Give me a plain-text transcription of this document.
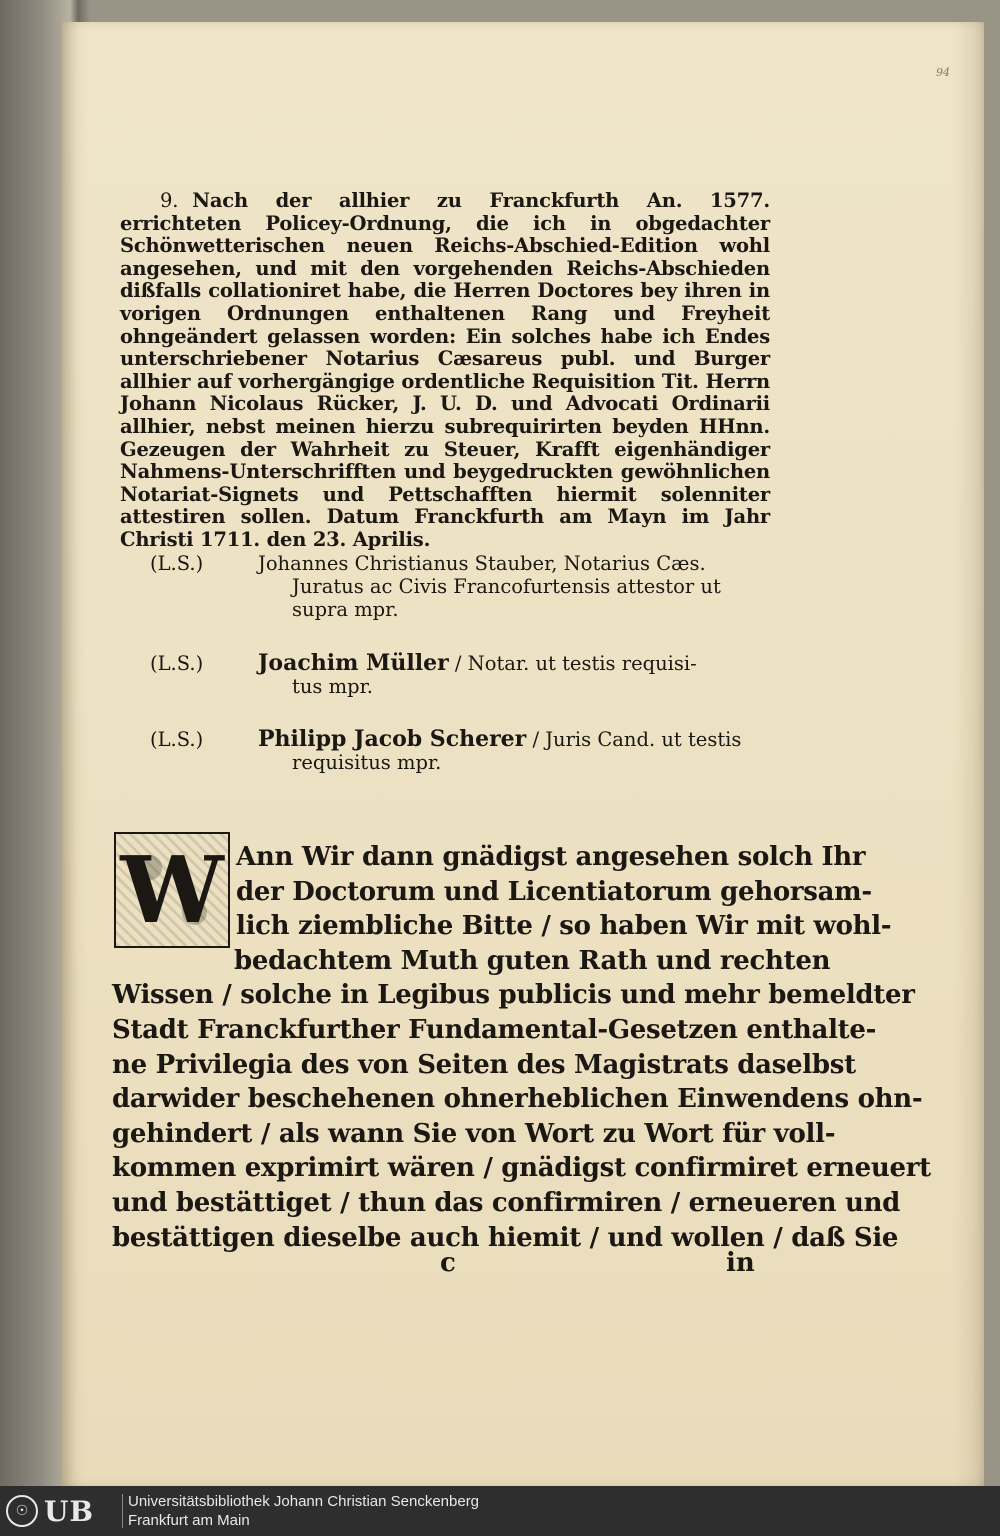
94
9. Nach der allhier zu Franckfurth An. 1577. errichteten Policey-Ordnung, die ich in obgedachter Schönwetterischen neuen Reichs-Abschied-Edition wohl angesehen, und mit den vorgehenden Reichs-Abschieden dißfalls collationiret habe, die Herren Doctores bey ihren in vorigen Ordnungen enthaltenen Rang und Freyheit ohngeändert gelassen worden: Ein solches habe ich Endes unterschriebener Notarius Cæsareus publ. und Burger allhier auf vorhergängige ordentliche Requisition Tit. Herrn Johann Nicolaus Rücker, J. U. D. und Advocati Ordinarii allhier, nebst meinen hierzu subrequirirten beyden HHnn. Gezeugen der Wahrheit zu Steuer, Krafft eigenhändiger Nahmens-Unterschrifften und beygedruckten gewöhnlichen Notariat-Signets und Pettschafften hiermit solenniter attestiren sollen. Datum Franckfurth am Mayn im Jahr Christi 1711. den 23. Aprilis.
(L.S.)	Johannes Christianus Stauber, Notarius Cæs.
Juratus ac Civis Francofurtensis attestor ut supra mpr.
(L.S.) Joachim Müller / Notar. ut testis requisi-
tus mpr.
(L.S.) Philipp Jacob Scherer / Juris Cand. ut testis
requisitus mpr.
W Ann Wir dann gnädigst angesehen solch Ihr
der Doctorum und Licentiatorum gehorsam-
lich ziembliche Bitte / so haben Wir mit wohl-
bedachtem Muth guten Rath und rechten
Wissen / solche in Legibus publicis und mehr bemeldter
Stadt Franckfurther Fundamental-Gesetzen enthalte-
ne Privilegia des von Seiten des Magistrats daselbst
darwider beschehenen ohnerheblichen Einwendens ohn-
gehindert / als wann Sie von Wort zu Wort für voll-
kommen exprimirt wären / gnädigst confirmiret erneuert
und bestättiget / thun das confirmiren / erneueren und
bestättigen dieselbe auch hiemit / und wollen / daß Sie
c	in
☉ UB Universitätsbibliothek Johann Christian Senckenberg
Frankfurt am Main
